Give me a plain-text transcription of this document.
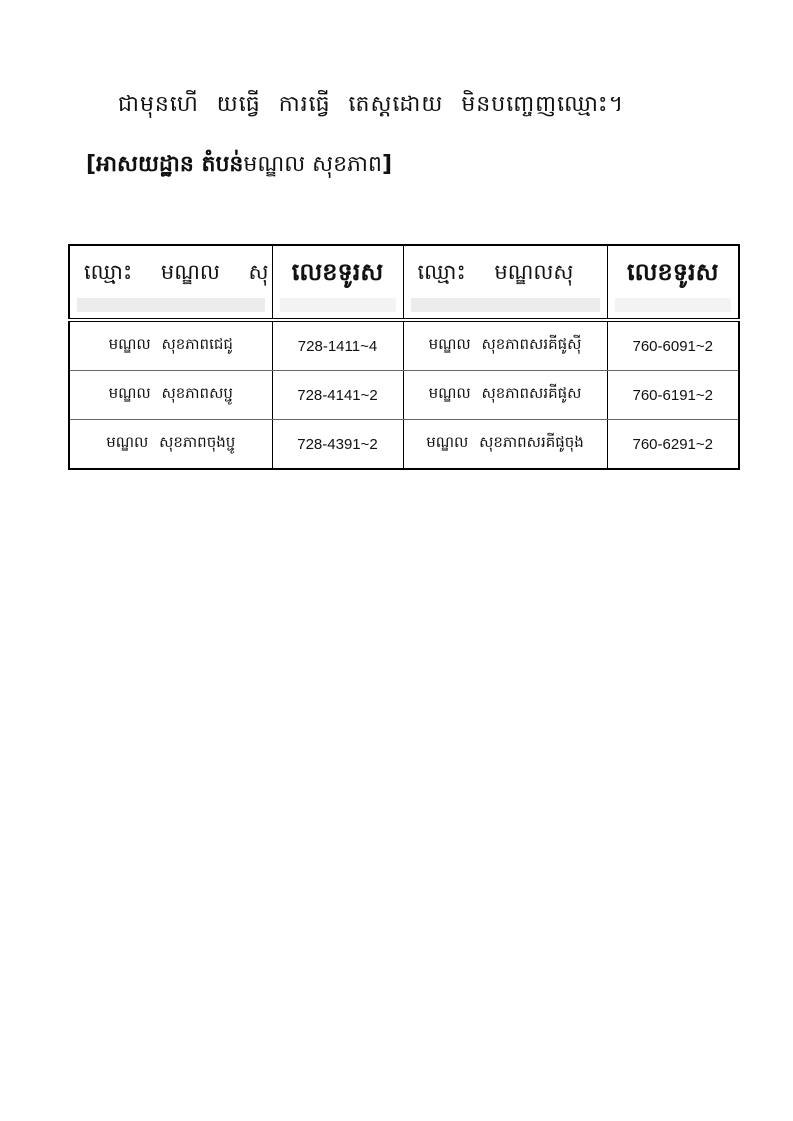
ជាមុនហើ យធ្វើ ការធ្វើ តេស្តដោយ មិនបញ្ចេញឈ្មោះ។
[អាសយដ្ឋាន តំបន់មណ្ឌល សុខភាព]
ឈ្មោះ មណ្ឌល សុ	លេខទូរស	ឈ្មោះ មណ្ឌលសុ	លេខទូរស

មណ្ឌល សុខភាពជេជូ	728-1411~4	មណ្ឌល សុខភាពសរគីផូស៊ី	760-6091~2
មណ្ឌល សុខភាពសប្ជូ	728-4141~2	មណ្ឌល សុខភាពសរគីផូស	760-6191~2
មណ្ឌល សុខភាពចុងប្ជូ	728-4391~2	មណ្ឌល សុខភាពសរគីផូចុង	760-6291~2
